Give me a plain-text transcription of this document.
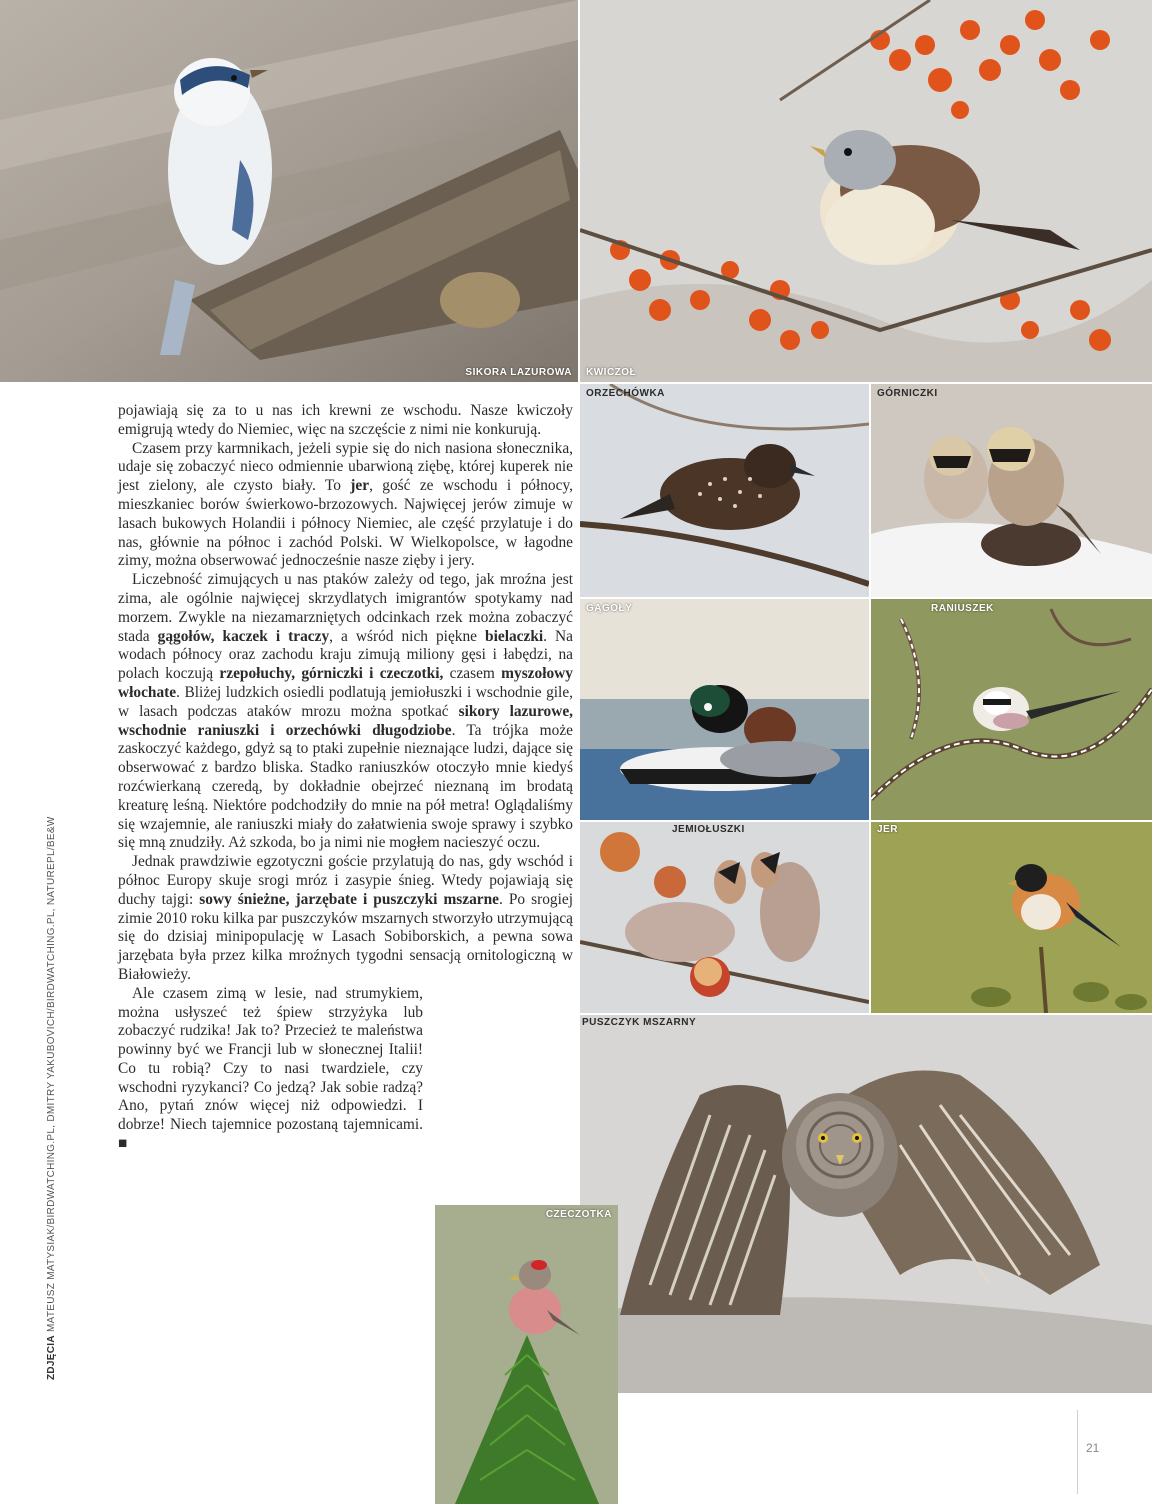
SIKORA LAZUROWA KWICZOŁ
ORZECHÓWKA	GÓRNICZKI
GĄGOŁY	RANIUSZEK
JEMIOŁUSZKI	JER
PUSZCZYK MSZARNY
CZECZOTKA

pojawiają się za to u nas ich krewni ze wschodu. Nasze kwiczoły emigrują wtedy do Niemiec, więc na szczęście z nimi nie konkurują.

Czasem przy karmnikach, jeżeli sypie się do nich nasiona słonecznika, udaje się zobaczyć nieco odmiennie ubarwioną ziębę, której kuperek nie jest zielony, ale czysto biały. To jer, gość ze wschodu i północy, mieszkaniec borów świerkowo-brzozowych. Najwięcej jerów zimuje w lasach bukowych Holandii i północy Niemiec, ale część przylatuje i do nas, głównie na północ i zachód Polski. W Wielkopolsce, w łagodne zimy, można obserwować jednocześnie nasze zięby i jery.

Liczebność zimujących u nas ptaków zależy od tego, jak mroźna jest zima, ale ogólnie najwięcej skrzydlatych imigrantów spotykamy nad morzem. Zwykle na niezamarzniętych odcinkach rzek można zobaczyć stada gągołów, kaczek i traczy, a wśród nich piękne bielaczki. Na wodach północy oraz zachodu kraju zimują miliony gęsi i łabędzi, na polach koczują rzepołuchy, górniczki i czeczotki, czasem myszołowy włochate. Bliżej ludzkich osiedli podlatują jemiołuszki i wschodnie gile, w lasach podczas ataków mrozu można spotkać sikory lazurowe, wschodnie raniuszki i orzechówki długodziobe. Ta trójka może zaskoczyć każdego, gdyż są to ptaki zupełnie nieznające ludzi, dające się obserwować z bardzo bliska. Stadko raniuszków otoczyło mnie kiedyś rozćwierkaną czeredą, by dokładnie obejrzeć nieznaną im brodatą kreaturę leśną. Niektóre podchodziły do mnie na pół metra! Oglądaliśmy się wzajemnie, ale raniuszki miały do załatwienia swoje sprawy i szybko się mną znudziły. Aż szkoda, bo ja nimi nie mogłem nacieszyć oczu.

Jednak prawdziwie egzotyczni goście przylatują do nas, gdy wschód i północ Europy skuje srogi mróz i zasypie śnieg. Wtedy pojawiają się duchy tajgi: sowy śnieżne, jarzębate i puszczyki mszarne. Po srogiej zimie 2010 roku kilka par puszczyków mszarnych stworzyło utrzymującą się do dzisiaj minipopulację w Lasach Sobiborskich, a pewna sowa jarzębata była przez kilka mroźnych tygodni sensacją ornitologiczną w Białowieży.

Ale czasem zimą w lesie, nad strumykiem, można usłyszeć też śpiew strzyżyka lub zobaczyć rudzika! Jak to? Przecież te maleństwa powinny być we Francji lub w słonecznej Italii! Co tu robią? Czy to nasi twardziele, czy wschodni ryzykanci? Co jedzą? Jak sobie radzą? Ano, pytań znów więcej niż odpowiedzi. I dobrze! Niech tajemnice pozostaną tajemnicami. ■

ZDJĘCIA MATEUSZ MATYSIAK/BIRDWATCHING.PL, DMITRY YAKUBOVICH/BIRDWATCHING.PL, NATUREPL/BE&W
21
